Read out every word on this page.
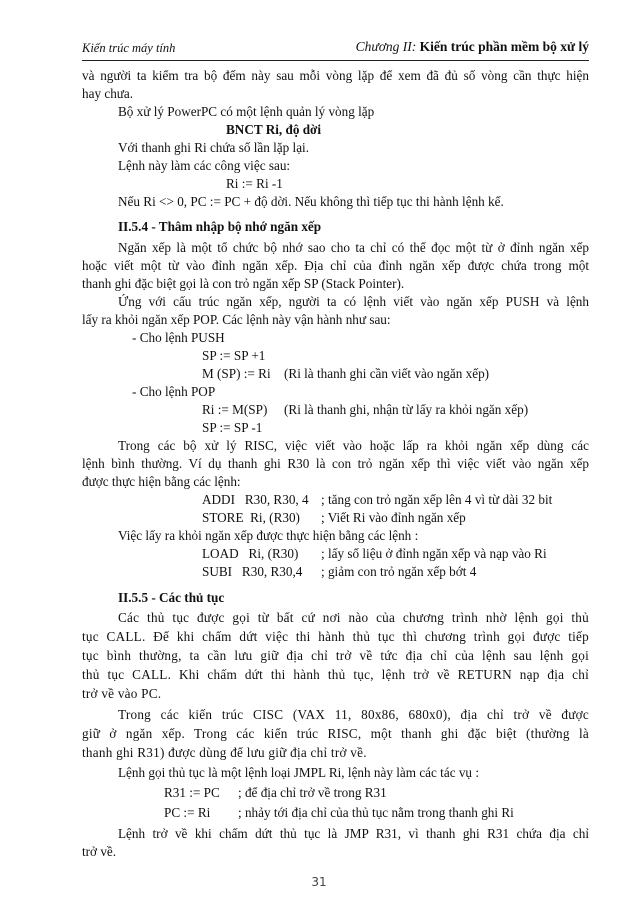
Kiến trúc máy tính	Chương II: Kiến trúc phần mềm bộ xử lý
và người ta kiểm tra bộ đếm này sau mỗi vòng lặp để xem đã đủ số vòng cần thực hiện
hay chưa.
Bộ xử lý PowerPC có một lệnh quản lý vòng lặp
BNCT Ri, độ dời
Với thanh ghi Ri chứa số lần lặp lại.
Lệnh này làm các công việc sau:
Ri := Ri -1
Nếu Ri <> 0, PC := PC + độ dời. Nếu không thì tiếp tục thi hành lệnh kế.
II.5.4 - Thâm nhập bộ nhớ ngăn xếp
Ngăn xếp là một tổ chức bộ nhớ sao cho ta chỉ có thể đọc một từ ở đỉnh ngăn xếp
hoặc viết một từ vào đỉnh ngăn xếp. Địa chỉ của đỉnh ngăn xếp được chứa trong một
thanh ghi đặc biệt gọi là con trỏ ngăn xếp SP (Stack Pointer).
Ứng với cấu trúc ngăn xếp, người ta có lệnh viết vào ngăn xếp PUSH và lệnh
lấy ra khỏi ngăn xếp POP. Các lệnh này vận hành như sau:
- Cho lệnh PUSH
SP := SP +1
M (SP) := Ri (Ri là thanh ghi cần viết vào ngăn xếp)
- Cho lệnh POP
Ri := M(SP) (Ri là thanh ghi, nhận từ lấy ra khỏi ngăn xếp)
SP := SP -1
Trong các bộ xử lý RISC, việc viết vào hoặc lấp ra khỏi ngăn xếp dùng các
lệnh bình thường. Ví dụ thanh ghi R30 là con trỏ ngăn xếp thì việc viết vào ngăn xếp
được thực hiện bằng các lệnh:
ADDI   R30, R30, 4 ; tăng con trỏ ngăn xếp lên 4 vì từ dài 32 bit
STORE  Ri, (R30) ; Viết Ri vào đỉnh ngăn xếp
Việc lấy ra khỏi ngăn xếp được thực hiện bằng các lệnh :
LOAD   Ri, (R30) ; lấy số liệu ở đỉnh ngăn xếp và nạp vào Ri
SUBI   R30, R30,4 ; giảm con trỏ ngăn xếp bớt 4
II.5.5 - Các thủ tục
Các thủ tục được gọi từ bất cứ nơi nào của chương trình nhờ lệnh gọi thủ
tục CALL. Để khi chấm dứt việc thi hành thủ tục thì chương trình gọi được tiếp
tục bình thường, ta cần lưu giữ địa chỉ trở về tức địa chỉ của lệnh sau lệnh gọi
thủ tục CALL. Khi chấm dứt thi hành thủ tục, lệnh trở về RETURN nạp địa chỉ
trở về vào PC.
Trong các kiến trúc CISC (VAX 11, 80x86, 680x0), địa chỉ trở về được
giữ ở ngăn xếp. Trong các kiến trúc RISC, một thanh ghi đặc biệt (thường là
thanh ghi R31) được dùng để lưu giữ địa chỉ trở về.
Lệnh gọi thủ tục là một lệnh loại JMPL Ri, lệnh này làm các tác vụ :
R31 := PC ; để địa chỉ trở về trong R31
PC := Ri ; nhảy tới địa chỉ của thủ tục nằm trong thanh ghi Ri
Lệnh trở về khi chấm dứt thủ tục là JMP R31, vì thanh ghi R31 chứa địa chỉ
trở về.
31
